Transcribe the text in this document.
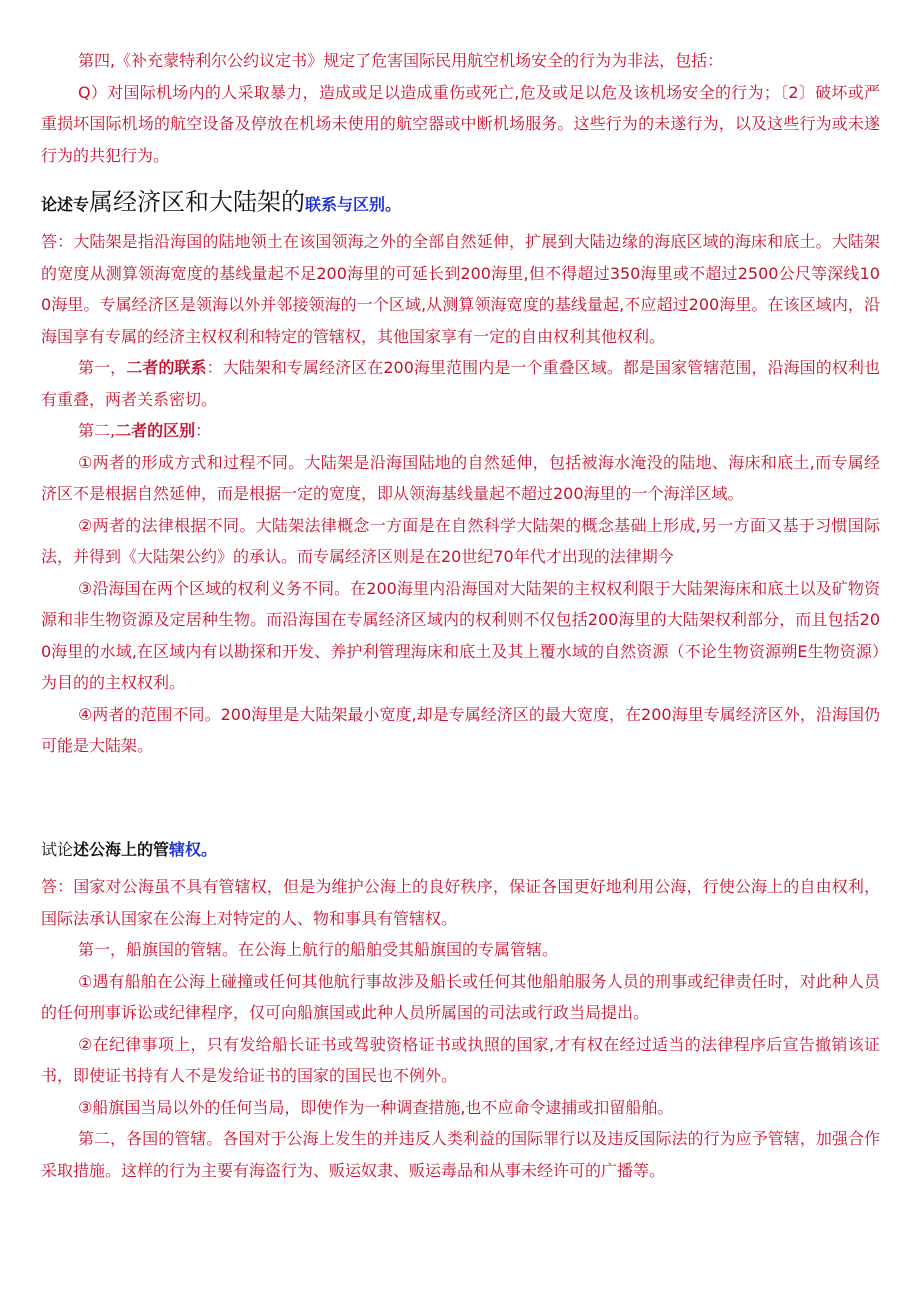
第四,《补充蒙特利尔公约议定书》规定了危害国际民用航空机场安全的行为为非法，包括：

Q）对国际机场内的人采取暴力，造成或足以造成重伤或死亡,危及或足以危及该机场安全的行为；〔2〕破坏或严重损坏国际机场的航空设备及停放在机场未使用的航空器或中断机场服务。这些行为的未遂行为，以及这些行为或未遂行为的共犯行为。

论述专属经济区和大陆架的联系与区别。

答：大陆架是指沿海国的陆地领土在该国领海之外的全部自然延伸，扩展到大陆边缘的海底区域的海床和底土。大陆架的宽度从测算领海宽度的基线量起不足200海里的可延长到200海里,但不得超过350海里或不超过2500公尺等深线100海里。专属经济区是领海以外并邻接领海的一个区域,从测算领海宽度的基线量起,不应超过200海里。在该区域内，沿海国享有专属的经济主权权利和特定的管辖权，其他国家享有一定的自由权利其他权利。

第一，二者的联系：大陆架和专属经济区在200海里范围内是一个重叠区域。都是国家管辖范围，沿海国的权利也有重叠，两者关系密切。

第二,二者的区别：

①两者的形成方式和过程不同。大陆架是沿海国陆地的自然延伸，包括被海水淹没的陆地、海床和底土,而专属经济区不是根据自然延伸，而是根据一定的宽度，即从领海基线量起不超过200海里的一个海洋区域。

②两者的法律根据不同。大陆架法律概念一方面是在自然科学大陆架的概念基础上形成,另一方面又基于习惯国际法，并得到《大陆架公约》的承认。而专属经济区则是在20世纪70年代才出现的法律期今

③沿海国在两个区域的权利义务不同。在200海里内沿海国对大陆架的主权权利限于大陆架海床和底土以及矿物资源和非生物资源及定居种生物。而沿海国在专属经济区域内的权利则不仅包括200海里的大陆架权利部分，而且包括200海里的水域,在区域内有以勘探和开发、养护利管理海床和底土及其上覆水域的自然资源（不论生物资源朔E生物资源）为目的的主权权利。

④两者的范围不同。200海里是大陆架最小宽度,却是专属经济区的最大宽度，在200海里专属经济区外，沿海国仍可能是大陆架。

试论述公海上的管辖权。

答：国家对公海虽不具有管辖权，但是为维护公海上的良好秩序，保证各国更好地利用公海，行使公海上的自由权利，国际法承认国家在公海上对特定的人、物和事具有管辖权。

第一，船旗国的管辖。在公海上航行的船舶受其船旗国的专属管辖。

①遇有船舶在公海上碰撞或任何其他航行事故涉及船长或任何其他船舶服务人员的刑事或纪律责任时，对此种人员的任何刑事诉讼或纪律程序，仅可向船旗国或此种人员所属国的司法或行政当局提出。

②在纪律事项上，只有发给船长证书或驾驶资格证书或执照的国家,才有权在经过适当的法律程序后宣告撤销该证书，即使证书持有人不是发给证书的国家的国民也不例外。

③船旗国当局以外的任何当局，即使作为一种调查措施,也不应命令逮捕或扣留船舶。

第二，各国的管辖。各国对于公海上发生的并违反人类利益的国际罪行以及违反国际法的行为应予管辖，加强合作采取措施。这样的行为主要有海盗行为、贩运奴隶、贩运毒品和从事未经许可的广播等。
